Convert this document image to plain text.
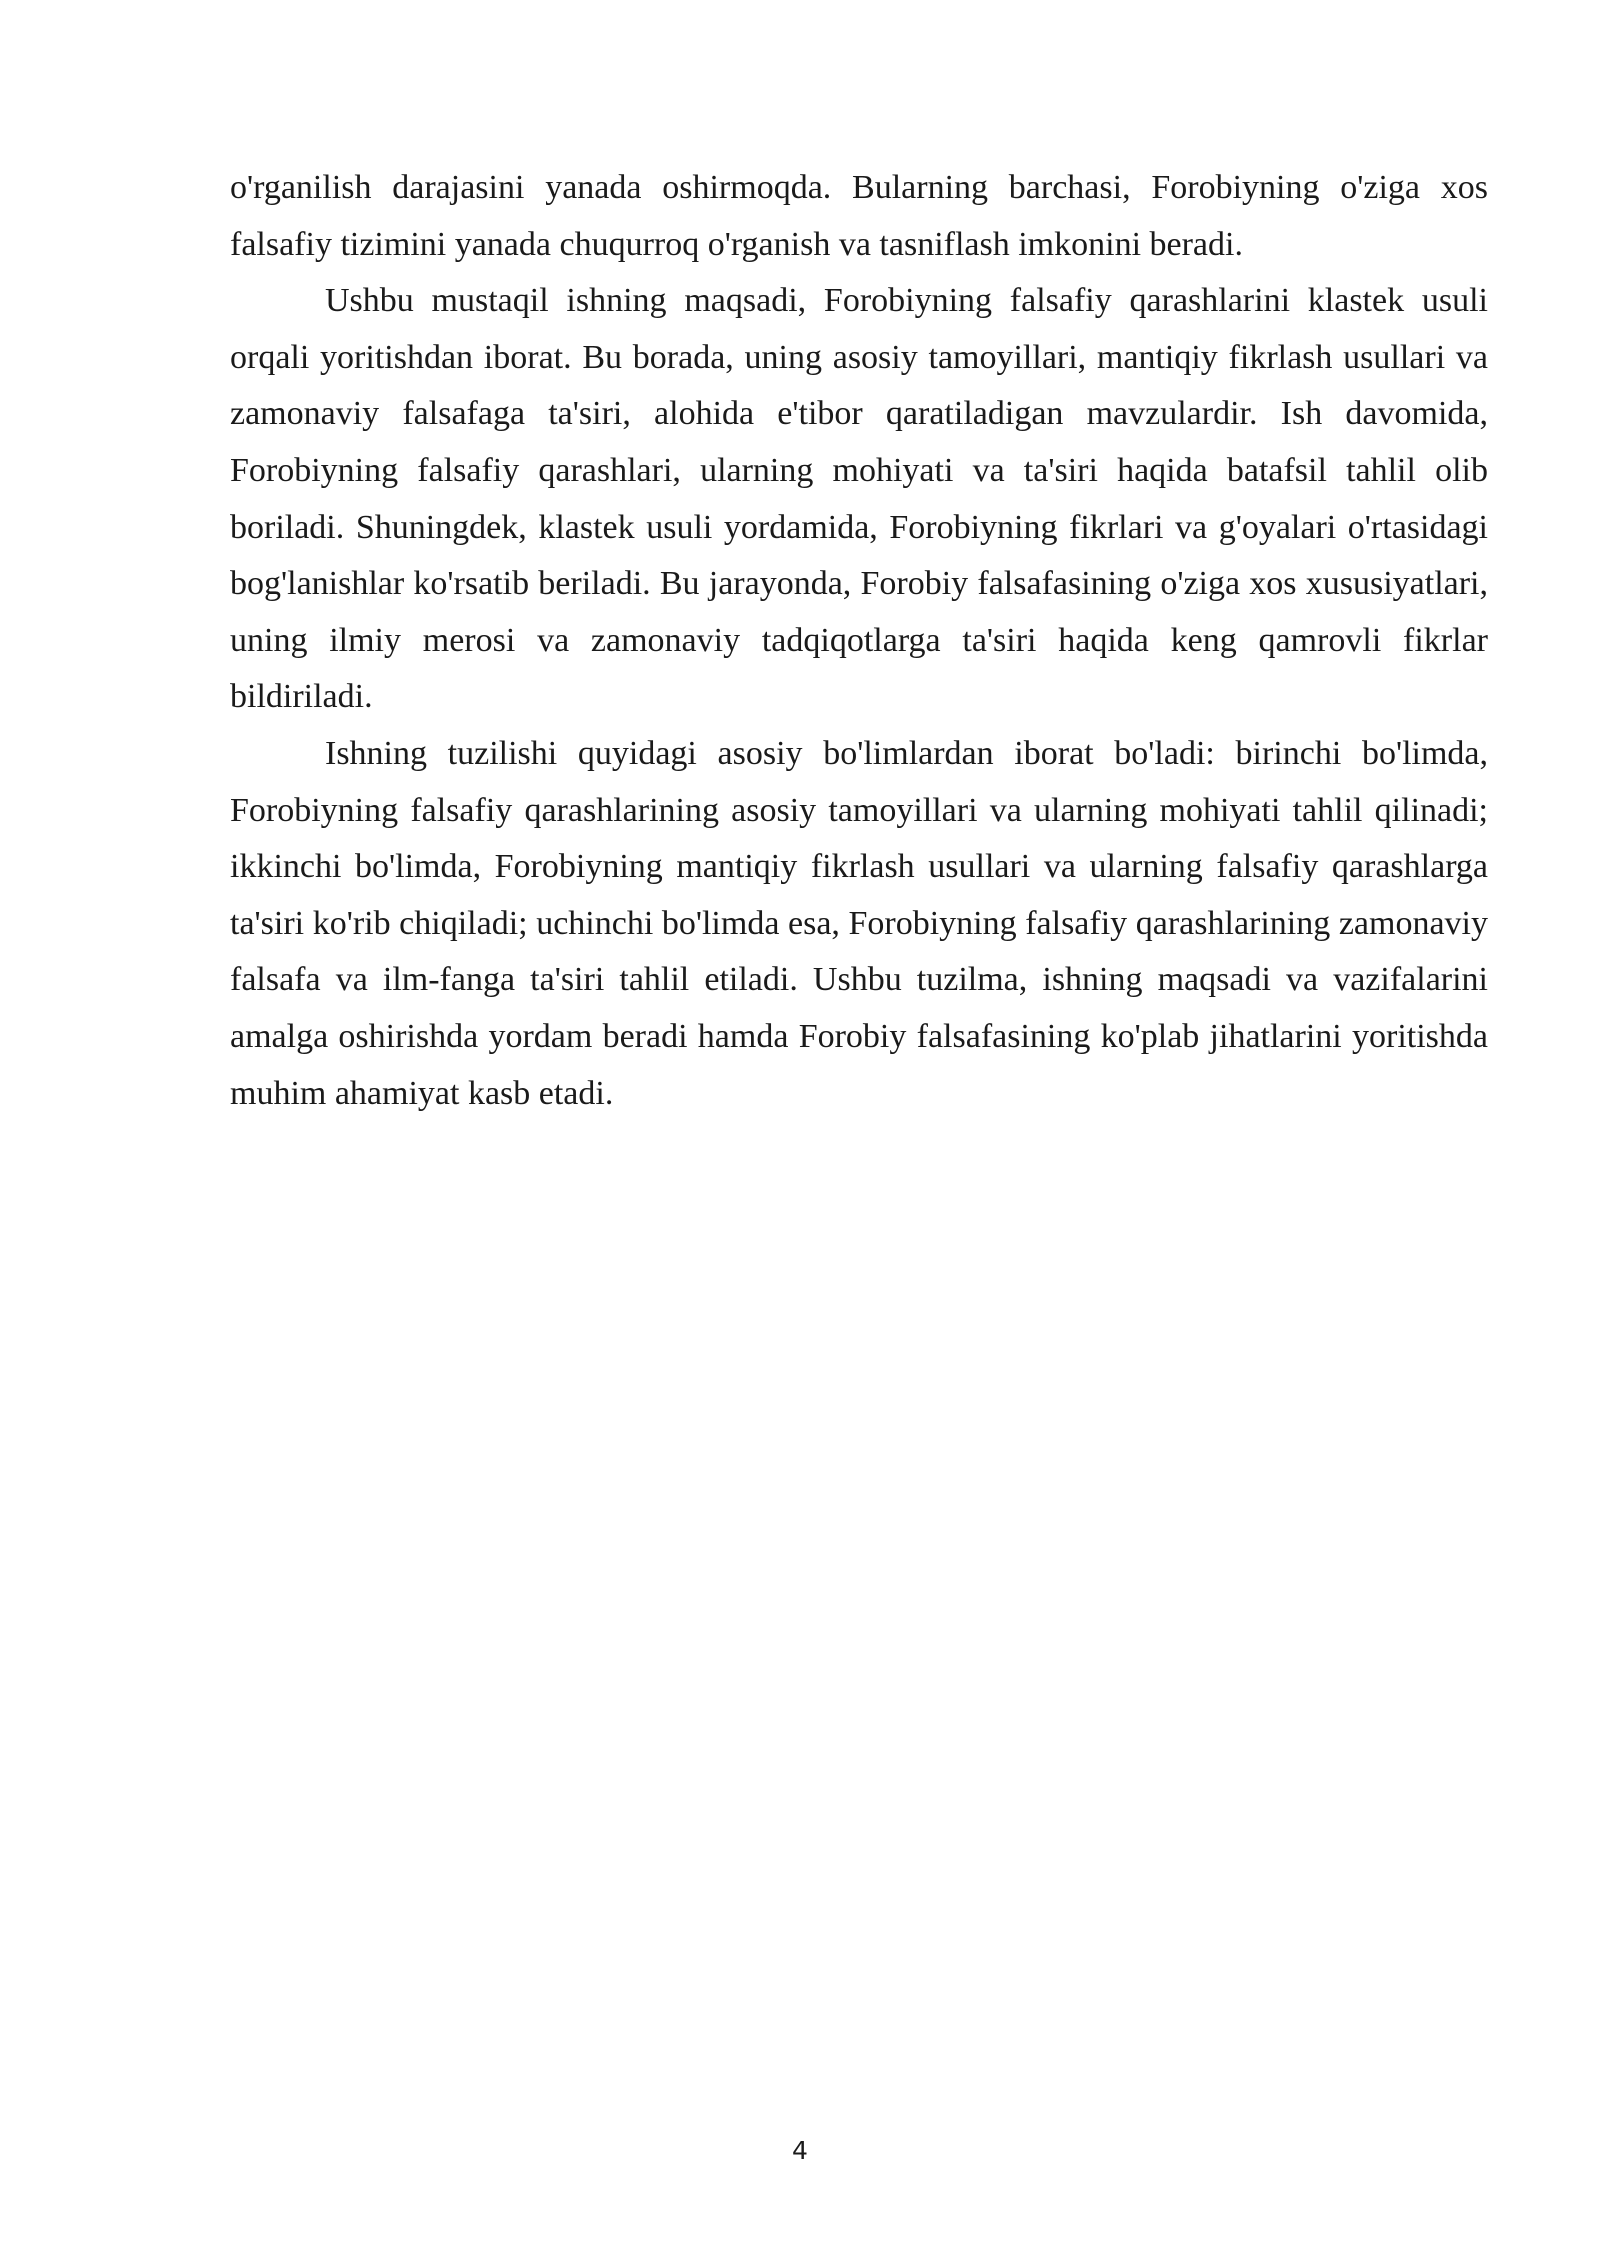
o'rganilish darajasini yanada oshirmoqda. Bularning barchasi, Forobiyning o'ziga xos falsafiy tizimini yanada chuqurroq o'rganish va tasniflash imkonini beradi.

Ushbu mustaqil ishning maqsadi, Forobiyning falsafiy qarashlarini klastek usuli orqali yoritishdan iborat. Bu borada, uning asosiy tamoyillari, mantiqiy fikrlash usullari va zamonaviy falsafaga ta'siri, alohida e'tibor qaratiladigan mavzulardir. Ish davomida, Forobiyning falsafiy qarashlari, ularning mohiyati va ta'siri haqida batafsil tahlil olib boriladi. Shuningdek, klastek usuli yordamida, Forobiyning fikrlari va g'oyalari o'rtasidagi bog'lanishlar ko'rsatib beriladi. Bu jarayonda, Forobiy falsafasining o'ziga xos xususiyatlari, uning ilmiy merosi va zamonaviy tadqiqotlarga ta'siri haqida keng qamrovli fikrlar bildiriladi.

Ishning tuzilishi quyidagi asosiy bo'limlardan iborat bo'ladi: birinchi bo'limda, Forobiyning falsafiy qarashlarining asosiy tamoyillari va ularning mohiyati tahlil qilinadi; ikkinchi bo'limda, Forobiyning mantiqiy fikrlash usullari va ularning falsafiy qarashlarga ta'siri ko'rib chiqiladi; uchinchi bo'limda esa, Forobiyning falsafiy qarashlarining zamonaviy falsafa va ilm-fanga ta'siri tahlil etiladi. Ushbu tuzilma, ishning maqsadi va vazifalarini amalga oshirishda yordam beradi hamda Forobiy falsafasining ko'plab jihatlarini yoritishda muhim ahamiyat kasb etadi.

4
